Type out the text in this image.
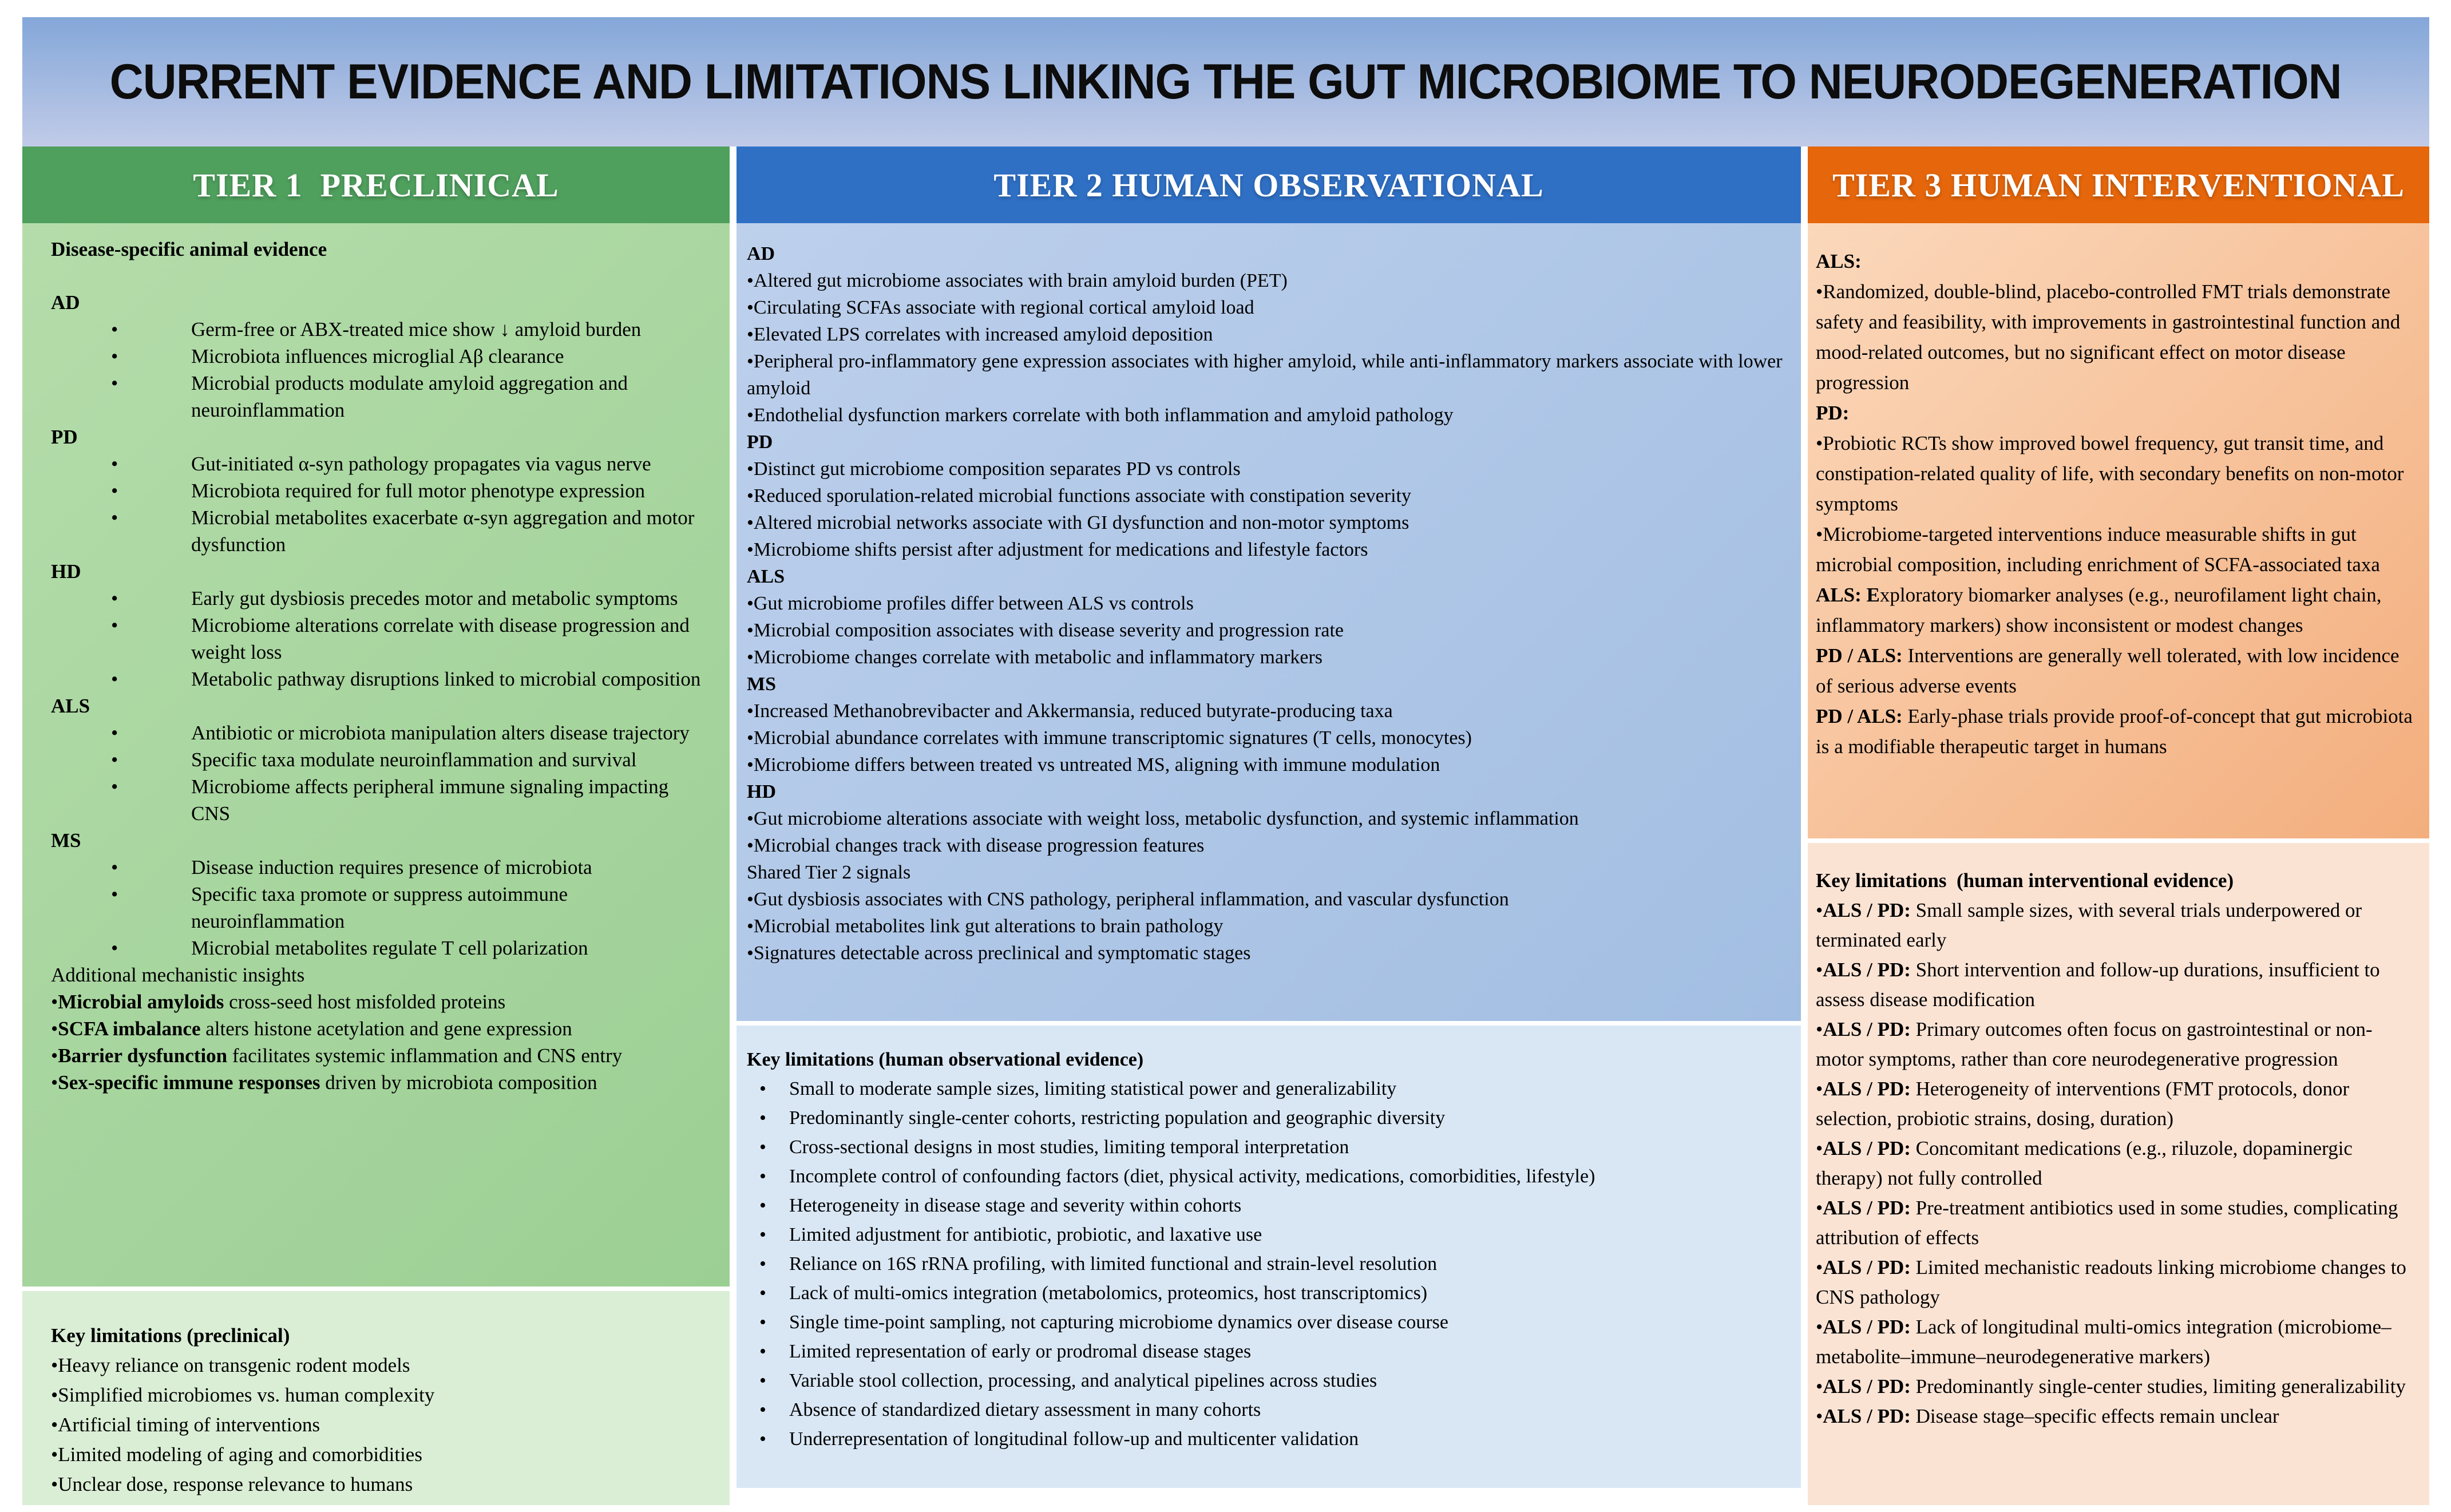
CURRENT EVIDENCE AND LIMITATIONS LINKING THE GUT MICROBIOME TO NEURODEGENERATION
TIER 1  PRECLINICAL	TIER 2 HUMAN OBSERVATIONAL	TIER 3 HUMAN INTERVENTIONAL
Disease-specific animal evidence
AD
• Germ-free or ABX-treated mice show ↓ amyloid burden
• Microbiota influences microglial Aβ clearance
• Microbial products modulate amyloid aggregation and neuroinflammation
PD
• Gut-initiated α-syn pathology propagates via vagus nerve
• Microbiota required for full motor phenotype expression
• Microbial metabolites exacerbate α-syn aggregation and motor dysfunction
HD
• Early gut dysbiosis precedes motor and metabolic symptoms
• Microbiome alterations correlate with disease progression and weight loss
• Metabolic pathway disruptions linked to microbial composition
ALS
• Antibiotic or microbiota manipulation alters disease trajectory
• Specific taxa modulate neuroinflammation and survival
• Microbiome affects peripheral immune signaling impacting CNS
MS
• Disease induction requires presence of microbiota
• Specific taxa promote or suppress autoimmune neuroinflammation
• Microbial metabolites regulate T cell polarization
Additional mechanistic insights
•Microbial amyloids cross-seed host misfolded proteins
•SCFA imbalance alters histone acetylation and gene expression
•Barrier dysfunction facilitates systemic inflammation and CNS entry
•Sex-specific immune responses driven by microbiota composition
AD
•Altered gut microbiome associates with brain amyloid burden (PET)
•Circulating SCFAs associate with regional cortical amyloid load
•Elevated LPS correlates with increased amyloid deposition
•Peripheral pro-inflammatory gene expression associates with higher amyloid, while anti-inflammatory markers associate with lower amyloid
•Endothelial dysfunction markers correlate with both inflammation and amyloid pathology
PD
•Distinct gut microbiome composition separates PD vs controls
•Reduced sporulation-related microbial functions associate with constipation severity
•Altered microbial networks associate with GI dysfunction and non-motor symptoms
•Microbiome shifts persist after adjustment for medications and lifestyle factors
ALS
•Gut microbiome profiles differ between ALS vs controls
•Microbial composition associates with disease severity and progression rate
•Microbiome changes correlate with metabolic and inflammatory markers
MS
•Increased Methanobrevibacter and Akkermansia, reduced butyrate-producing taxa
•Microbial abundance correlates with immune transcriptomic signatures (T cells, monocytes)
•Microbiome differs between treated vs untreated MS, aligning with immune modulation
HD
•Gut microbiome alterations associate with weight loss, metabolic dysfunction, and systemic inflammation
•Microbial changes track with disease progression features
Shared Tier 2 signals
•Gut dysbiosis associates with CNS pathology, peripheral inflammation, and vascular dysfunction
•Microbial metabolites link gut alterations to brain pathology
•Signatures detectable across preclinical and symptomatic stages
ALS:
•Randomized, double-blind, placebo-controlled FMT trials demonstrate safety and feasibility, with improvements in gastrointestinal function and mood-related outcomes, but no significant effect on motor disease progression
PD:
•Probiotic RCTs show improved bowel frequency, gut transit time, and constipation-related quality of life, with secondary benefits on non-motor symptoms
•Microbiome-targeted interventions induce measurable shifts in gut microbial composition, including enrichment of SCFA-associated taxa
ALS: Exploratory biomarker analyses (e.g., neurofilament light chain, inflammatory markers) show inconsistent or modest changes
PD / ALS: Interventions are generally well tolerated, with low incidence of serious adverse events
PD / ALS: Early-phase trials provide proof-of-concept that gut microbiota is a modifiable therapeutic target in humans
Key limitations (preclinical)
•Heavy reliance on transgenic rodent models
•Simplified microbiomes vs. human complexity
•Artificial timing of interventions
•Limited modeling of aging and comorbidities
•Unclear dose, response relevance to humans
Key limitations (human observational evidence)
• Small to moderate sample sizes, limiting statistical power and generalizability
• Predominantly single-center cohorts, restricting population and geographic diversity
• Cross-sectional designs in most studies, limiting temporal interpretation
• Incomplete control of confounding factors (diet, physical activity, medications, comorbidities, lifestyle)
• Heterogeneity in disease stage and severity within cohorts
• Limited adjustment for antibiotic, probiotic, and laxative use
• Reliance on 16S rRNA profiling, with limited functional and strain-level resolution
• Lack of multi-omics integration (metabolomics, proteomics, host transcriptomics)
• Single time-point sampling, not capturing microbiome dynamics over disease course
• Limited representation of early or prodromal disease stages
• Variable stool collection, processing, and analytical pipelines across studies
• Absence of standardized dietary assessment in many cohorts
• Underrepresentation of longitudinal follow-up and multicenter validation
Key limitations  (human interventional evidence)
•ALS / PD: Small sample sizes, with several trials underpowered or terminated early
•ALS / PD: Short intervention and follow-up durations, insufficient to assess disease modification
•ALS / PD: Primary outcomes often focus on gastrointestinal or non-motor symptoms, rather than core neurodegenerative progression
•ALS / PD: Heterogeneity of interventions (FMT protocols, donor selection, probiotic strains, dosing, duration)
•ALS / PD: Concomitant medications (e.g., riluzole, dopaminergic therapy) not fully controlled
•ALS / PD: Pre-treatment antibiotics used in some studies, complicating attribution of effects
•ALS / PD: Limited mechanistic readouts linking microbiome changes to CNS pathology
•ALS / PD: Lack of longitudinal multi-omics integration (microbiome–metabolite–immune–neurodegenerative markers)
•ALS / PD: Predominantly single-center studies, limiting generalizability
•ALS / PD: Disease stage–specific effects remain unclear
